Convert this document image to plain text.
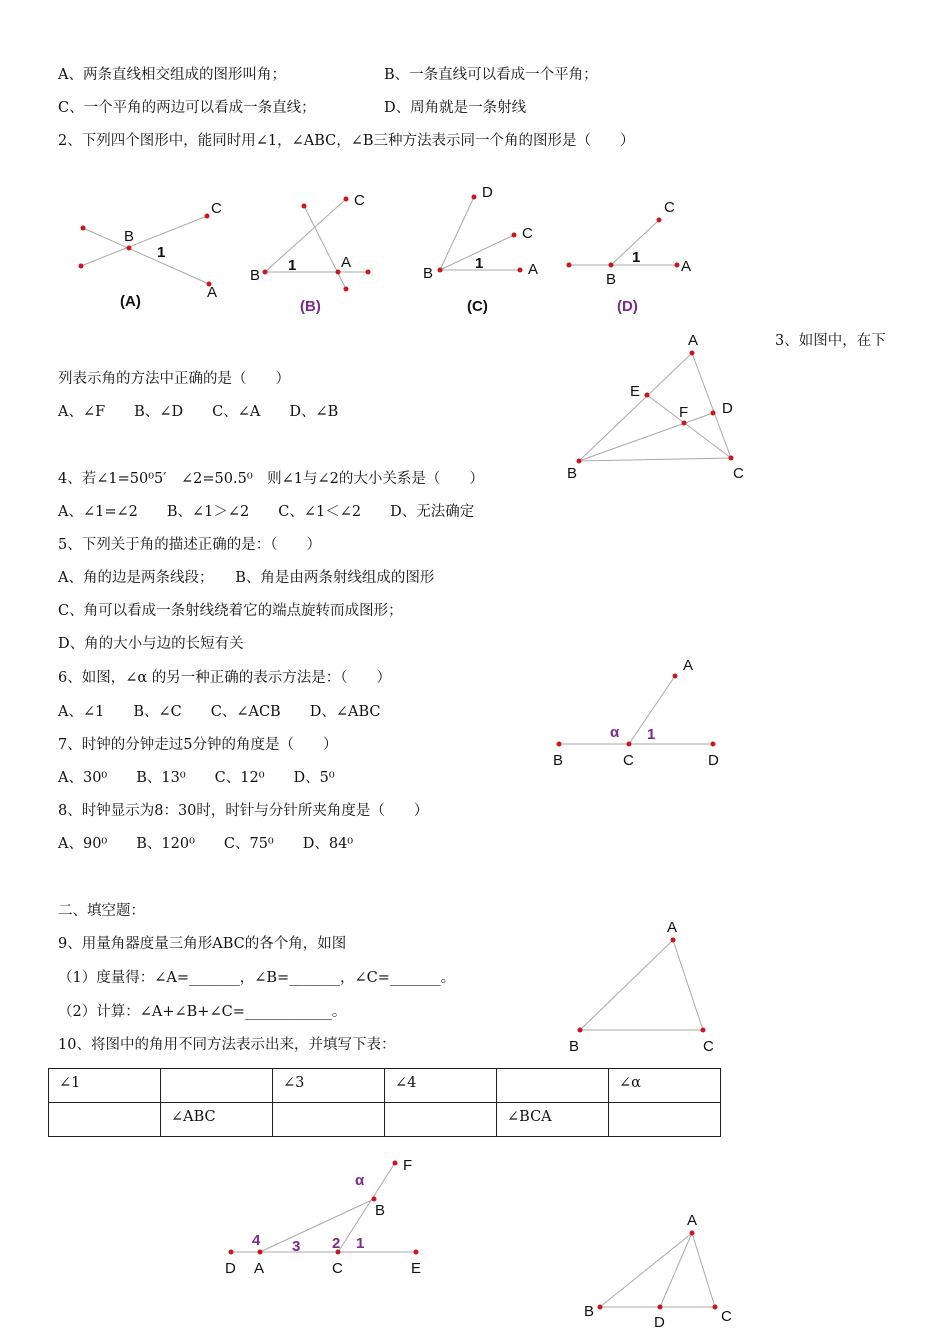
A、两条直线相交组成的图形叫角；	B、一条直线可以看成一个平角；
C、一个平角的两边可以看成一条直线；	D、周角就是一条射线
2、下列四个图形中，能同时用∠1，∠ABC，∠B三种方法表示同一个角的图形是（　　）
3、如图中，在下
列表示角的方法中正确的是（　　）
A、∠F　　B、∠D　　C、∠A　　D、∠B
4、若∠1=50⁰5′　∠2=50.5⁰　则∠1与∠2的大小关系是（　　）
A、∠1=∠2　　B、∠1＞∠2　　C、∠1＜∠2　　D、无法确定
5、下列关于角的描述正确的是：（　　）
A、角的边是两条线段；　　B、角是由两条射线组成的图形
C、角可以看成一条射线绕着它的端点旋转而成图形；
D、角的大小与边的长短有关
6、如图，∠α 的另一种正确的表示方法是：（　　）
A、∠1　　B、∠C　　C、∠ACB　　D、∠ABC
7、时钟的分钟走过5分钟的角度是（　　）
A、30⁰　　B、13⁰　　C、12⁰　　D、5⁰
8、时钟显示为8：30时，时针与分针所夹角度是（　　）
A、90⁰　　B、120⁰　　C、75⁰　　D、84⁰
二、填空题：
9、用量角器度量三角形ABC的各个角，如图
（1）度量得：∠A=_______，∠B=_______，∠C=_______。
（2）计算：∠A+∠B+∠C=____________。
10、将图中的角用不同方法表示出来，并填写下表：
∠1		∠3	∠4		∠α
	∠ABC			∠BCA	
B
C
1
A
(A)
B
1	A
C
(B)
B
D
C
1	A
(C)
C
1
A
B
(D)
A
E
F D
B	C
A
α 1
B	C	D
A
B	C
F
α
B
4 3 2 1
D A	C	E
A
B
D	C
